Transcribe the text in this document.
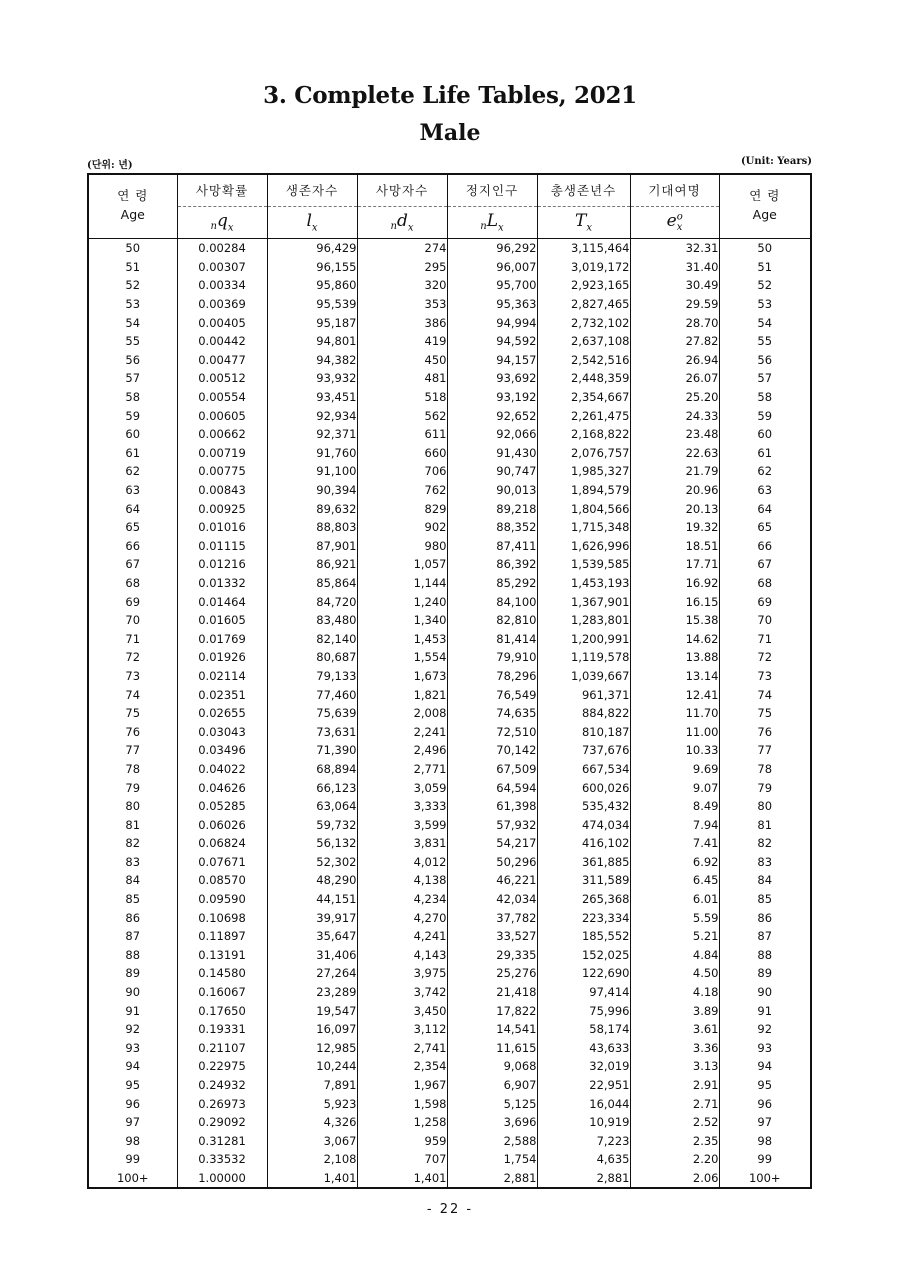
3. Complete Life Tables, 2021
Male
(단위: 년)	(Unit: Years)
연 령	사망확률	생존자수	사망자수	정지인구	총생존년수	기대여명	연 령
Age	$nq_x$	$l_x$	$nd_x$	$nL_x$	$T_x$	$e^o_x$	Age
50	0.00284	96,429	274	96,292	3,115,464	32.31	50
51	0.00307	96,155	295	96,007	3,019,172	31.40	51
52	0.00334	95,860	320	95,700	2,923,165	30.49	52
53	0.00369	95,539	353	95,363	2,827,465	29.59	53
54	0.00405	95,187	386	94,994	2,732,102	28.70	54
55	0.00442	94,801	419	94,592	2,637,108	27.82	55
56	0.00477	94,382	450	94,157	2,542,516	26.94	56
57	0.00512	93,932	481	93,692	2,448,359	26.07	57
58	0.00554	93,451	518	93,192	2,354,667	25.20	58
59	0.00605	92,934	562	92,652	2,261,475	24.33	59
60	0.00662	92,371	611	92,066	2,168,822	23.48	60
61	0.00719	91,760	660	91,430	2,076,757	22.63	61
62	0.00775	91,100	706	90,747	1,985,327	21.79	62
63	0.00843	90,394	762	90,013	1,894,579	20.96	63
64	0.00925	89,632	829	89,218	1,804,566	20.13	64
65	0.01016	88,803	902	88,352	1,715,348	19.32	65
66	0.01115	87,901	980	87,411	1,626,996	18.51	66
67	0.01216	86,921	1,057	86,392	1,539,585	17.71	67
68	0.01332	85,864	1,144	85,292	1,453,193	16.92	68
69	0.01464	84,720	1,240	84,100	1,367,901	16.15	69
70	0.01605	83,480	1,340	82,810	1,283,801	15.38	70
71	0.01769	82,140	1,453	81,414	1,200,991	14.62	71
72	0.01926	80,687	1,554	79,910	1,119,578	13.88	72
73	0.02114	79,133	1,673	78,296	1,039,667	13.14	73
74	0.02351	77,460	1,821	76,549	961,371	12.41	74
75	0.02655	75,639	2,008	74,635	884,822	11.70	75
76	0.03043	73,631	2,241	72,510	810,187	11.00	76
77	0.03496	71,390	2,496	70,142	737,676	10.33	77
78	0.04022	68,894	2,771	67,509	667,534	9.69	78
79	0.04626	66,123	3,059	64,594	600,026	9.07	79
80	0.05285	63,064	3,333	61,398	535,432	8.49	80
81	0.06026	59,732	3,599	57,932	474,034	7.94	81
82	0.06824	56,132	3,831	54,217	416,102	7.41	82
83	0.07671	52,302	4,012	50,296	361,885	6.92	83
84	0.08570	48,290	4,138	46,221	311,589	6.45	84
85	0.09590	44,151	4,234	42,034	265,368	6.01	85
86	0.10698	39,917	4,270	37,782	223,334	5.59	86
87	0.11897	35,647	4,241	33,527	185,552	5.21	87
88	0.13191	31,406	4,143	29,335	152,025	4.84	88
89	0.14580	27,264	3,975	25,276	122,690	4.50	89
90	0.16067	23,289	3,742	21,418	97,414	4.18	90
91	0.17650	19,547	3,450	17,822	75,996	3.89	91
92	0.19331	16,097	3,112	14,541	58,174	3.61	92
93	0.21107	12,985	2,741	11,615	43,633	3.36	93
94	0.22975	10,244	2,354	9,068	32,019	3.13	94
95	0.24932	7,891	1,967	6,907	22,951	2.91	95
96	0.26973	5,923	1,598	5,125	16,044	2.71	96
97	0.29092	4,326	1,258	3,696	10,919	2.52	97
98	0.31281	3,067	959	2,588	7,223	2.35	98
99	0.33532	2,108	707	1,754	4,635	2.20	99
100+	1.00000	1,401	1,401	2,881	2,881	2.06	100+
- 22 -
